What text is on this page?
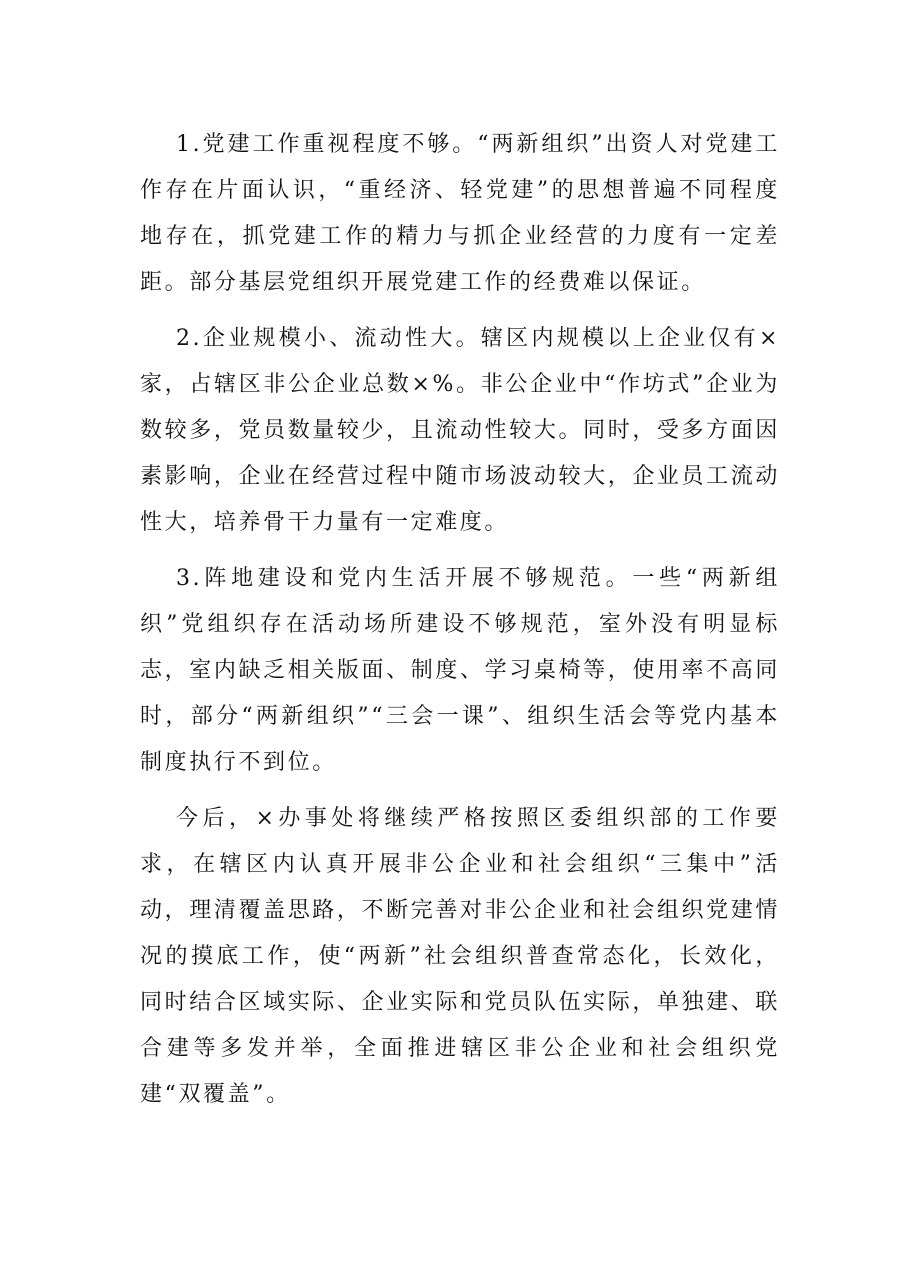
1.党建工作重视程度不够。“两新组织”出资人对党建工作存在片面认识，“重经济、轻党建”的思想普遍不同程度地存在，抓党建工作的精力与抓企业经营的力度有一定差距。部分基层党组织开展党建工作的经费难以保证。

2.企业规模小、流动性大。辖区内规模以上企业仅有×家，占辖区非公企业总数×%。非公企业中“作坊式”企业为数较多，党员数量较少，且流动性较大。同时，受多方面因素影响，企业在经营过程中随市场波动较大，企业员工流动性大，培养骨干力量有一定难度。

3.阵地建设和党内生活开展不够规范。一些“两新组织”党组织存在活动场所建设不够规范，室外没有明显标志，室内缺乏相关版面、制度、学习桌椅等，使用率不高同时，部分“两新组织”“三会一课”、组织生活会等党内基本制度执行不到位。

今后，×办事处将继续严格按照区委组织部的工作要求，在辖区内认真开展非公企业和社会组织“三集中”活动，理清覆盖思路，不断完善对非公企业和社会组织党建情况的摸底工作，使“两新”社会组织普查常态化，长效化，同时结合区域实际、企业实际和党员队伍实际，单独建、联合建等多发并举，全面推进辖区非公企业和社会组织党建“双覆盖”。
